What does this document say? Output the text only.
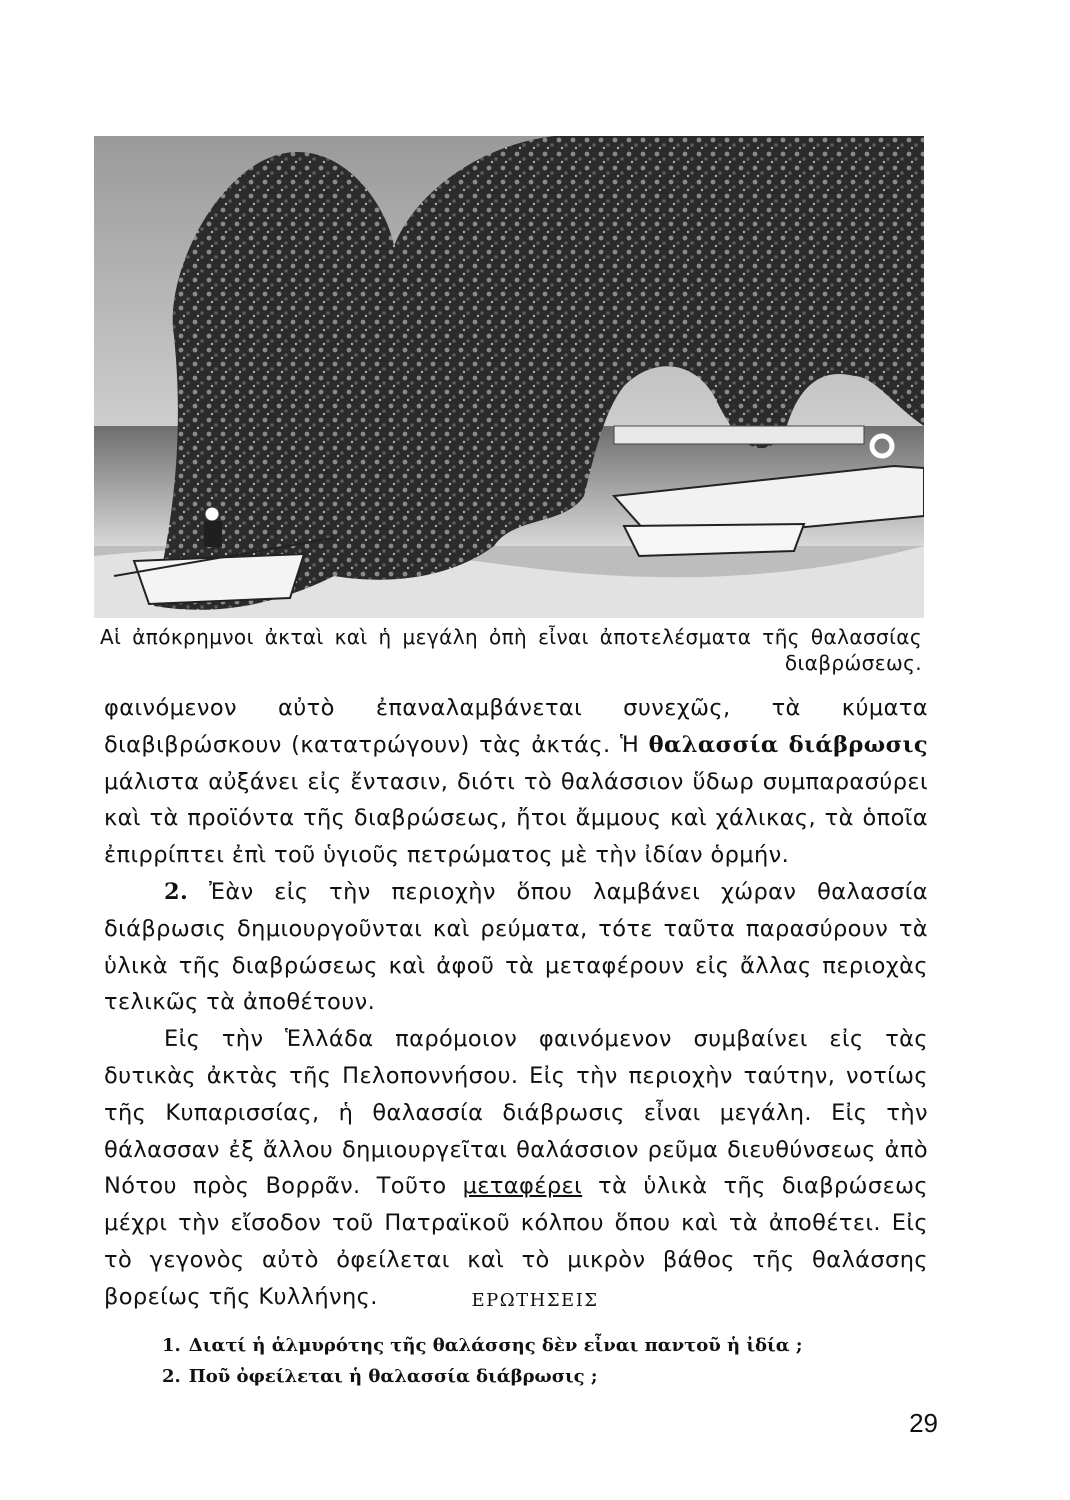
Αἱ ἀπόκρημνοι ἀκταὶ καὶ ἡ μεγάλη ὀπὴ εἶναι ἀποτελέσματα τῆς θαλασσίας
διαβρώσεως.

φαινόμενον αὐτὸ ἐπαναλαμβάνεται συνεχῶς, τὰ κύματα διαβιβρώσκουν (κατατρώγουν) τὰς ἀκτάς. Ἡ θαλασσία διάβρωσις μάλιστα αὐξάνει εἰς ἔντασιν, διότι τὸ θαλάσσιον ὕδωρ συμπαρασύρει καὶ τὰ προϊόντα τῆς διαβρώσεως, ἤτοι ἄμμους καὶ χάλικας, τὰ ὁποῖα ἐπιρρίπτει ἐπὶ τοῦ ὑγιοῦς πετρώματος μὲ τὴν ἰδίαν ὁρμήν.

2. Ἐὰν εἰς τὴν περιοχὴν ὅπου λαμβάνει χώραν θαλασσία διάβρωσις δημιουργοῦνται καὶ ρεύματα, τότε ταῦτα παρασύρουν τὰ ὑλικὰ τῆς διαβρώσεως καὶ ἀφοῦ τὰ μεταφέρουν εἰς ἄλλας περιοχὰς τελικῶς τὰ ἀποθέτουν.

Εἰς τὴν Ἑλλάδα παρόμοιον φαινόμενον συμβαίνει εἰς τὰς δυτικὰς ἀκτὰς τῆς Πελοποννήσου. Εἰς τὴν περιοχὴν ταύτην, νοτίως τῆς Κυπαρισσίας, ἡ θαλασσία διάβρωσις εἶναι μεγάλη. Εἰς τὴν θάλασσαν ἐξ ἄλλου δημιουργεῖται θαλάσσιον ρεῦμα διευθύνσεως ἀπὸ Νότου πρὸς Βορρᾶν. Τοῦτο μεταφέρει τὰ ὑλικὰ τῆς διαβρώσεως μέχρι τὴν εἴσοδον τοῦ Πατραϊκοῦ κόλπου ὅπου καὶ τὰ ἀποθέτει. Εἰς τὸ γεγονὸς αὐτὸ ὀφείλεται καὶ τὸ μικρὸν βάθος τῆς θαλάσσης βορείως τῆς Κυλλήνης.	ΕΡΩΤΗΣΕΙΣ
1. Διατί ἡ ἁλμυρότης τῆς θαλάσσης δὲν εἶναι παντοῦ ἡ ἰδία ;
2. Ποῦ ὀφείλεται ἡ θαλασσία διάβρωσις ;
29
